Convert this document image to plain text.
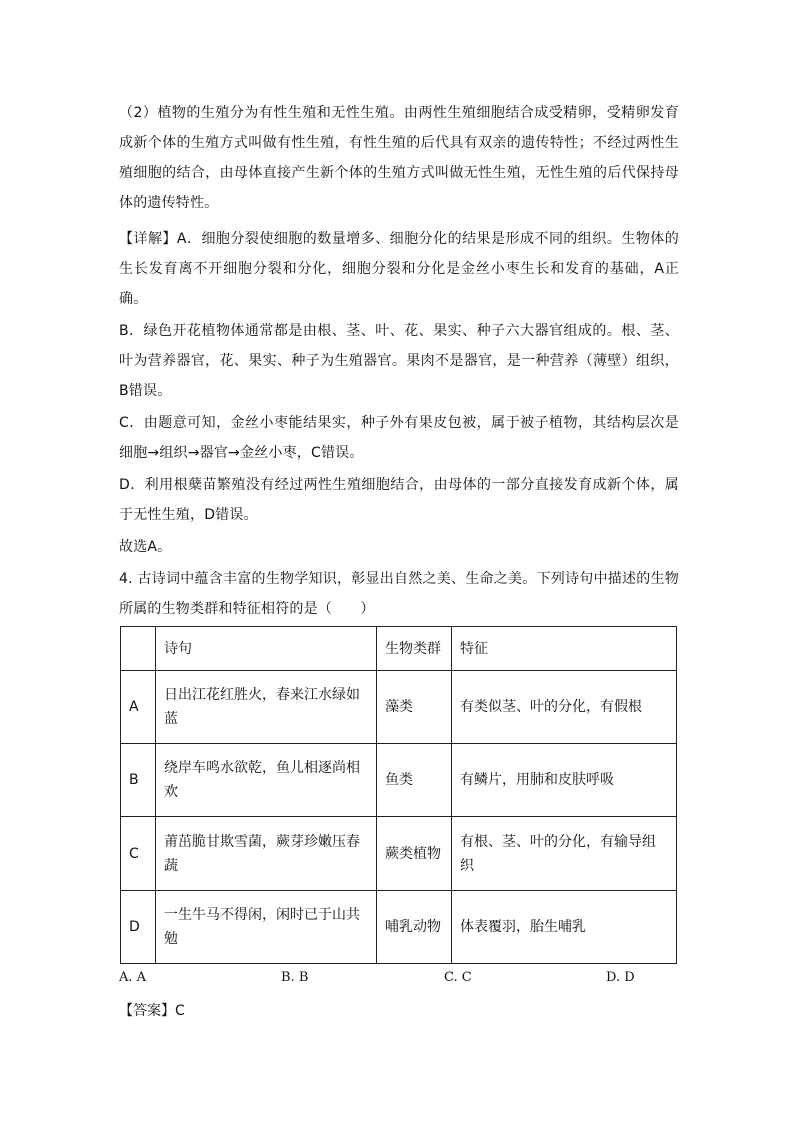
（2）植物的生殖分为有性生殖和无性生殖。由两性生殖细胞结合成受精卵，受精卵发育成新个体的生殖方式叫做有性生殖，有性生殖的后代具有双亲的遗传特性；不经过两性生殖细胞的结合，由母体直接产生新个体的生殖方式叫做无性生殖，无性生殖的后代保持母体的遗传特性。
【详解】A．细胞分裂使细胞的数量增多、细胞分化的结果是形成不同的组织。生物体的生长发育离不开细胞分裂和分化，细胞分裂和分化是金丝小枣生长和发育的基础，A正确。
B．绿色开花植物体通常都是由根、茎、叶、花、果实、种子六大器官组成的。根、茎、叶为营养器官，花、果实、种子为生殖器官。果肉不是器官，是一种营养（薄壁）组织，B错误。
C．由题意可知，金丝小枣能结果实，种子外有果皮包被，属于被子植物，其结构层次是细胞→组织→器官→金丝小枣，C错误。
D．利用根蘖苗繁殖没有经过两性生殖细胞结合，由母体的一部分直接发育成新个体，属于无性生殖，D错误。
故选A。
4. 古诗词中蕴含丰富的生物学知识，彰显出自然之美、生命之美。下列诗句中描述的生物所属的生物类群和特征相符的是（　　）
	诗句	生物类群	特征
A	日出江花红胜火，春来江水绿如蓝	藻类	有类似茎、叶的分化，有假根
B	绕岸车鸣水欲乾，鱼儿相逐尚相欢	鱼类	有鳞片，用肺和皮肤呼吸
C	莆茁脆甘欺雪菌，蕨芽珍嫩压春蔬	蕨类植物	有根、茎、叶的分化，有输导组织
D	一生牛马不得闲，闲时已于山共勉	哺乳动物	体表覆羽，胎生哺乳
A. A	B. B	C. C	D. D
【答案】C
